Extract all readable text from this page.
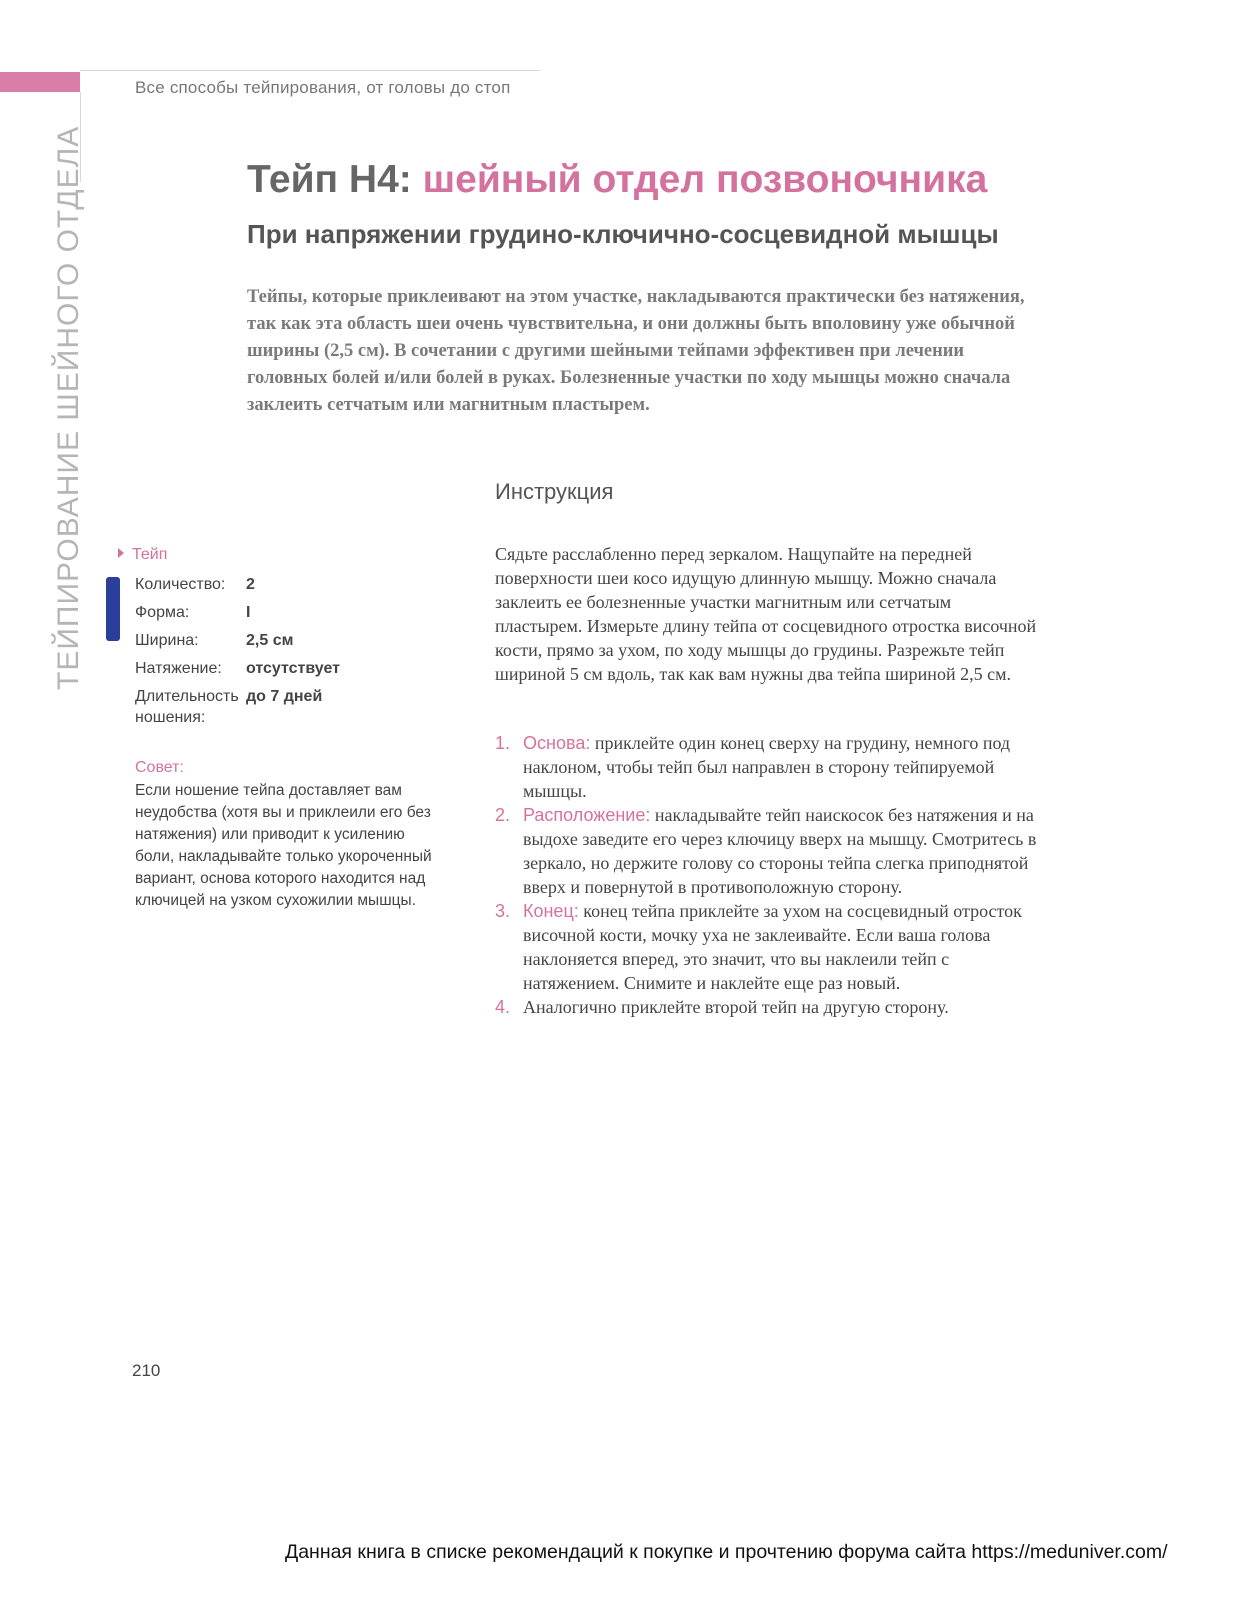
Все способы тейпирования, от головы до стоп
ТЕЙПИРОВАНИЕ ШЕЙНОГО ОТДЕЛА	Тейп H4: шейный отдел позвоночника
При напряжении грудино-ключично-сосцевидной мышцы

Тейпы, которые приклеивают на этом участке, накладываются практически без натяжения, так как эта область шеи очень чувствительна, и они должны быть вполовину уже обычной ширины (2,5 см). В сочетании с другими шейными тейпами эффективен при лечении головных болей и/или болей в руках. Болезненные участки по ходу мышцы можно сначала заклеить сетчатым или магнитным пластырем.

Инструкция

Сядьте расслабленно перед зеркалом. Нащупайте на передней поверхности шеи косо идущую длинную мышцу. Можно сначала заклеить ее болезненные участки магнитным или сетчатым пластырем. Измерьте длину тейпа от сосцевидного отростка височной кости, прямо за ухом, по ходу мышцы до грудины. Разрежьте тейп шириной 5 см вдоль, так как вам нужны два тейпа шириной 2,5 см.

1. Основа: приклейте один конец сверху на грудину, немного под наклоном, чтобы тейп был направлен в сторону тейпируемой мышцы.
2. Расположение: накладывайте тейп наискосок без натяжения и на выдохе заведите его через ключицу вверх на мышцу. Смотритесь в зеркало, но держите голову со стороны тейпа слегка приподнятой вверх и повернутой в противоположную сторону.
3. Конец: конец тейпа приклейте за ухом на сосцевидный отросток височной кости, мочку уха не заклеивайте. Если ваша голова наклоняется вперед, это значит, что вы наклеили тейп с натяжением. Снимите и наклейте еще раз новый.
4. Аналогично приклейте второй тейп на другую сторону.
Тейп
Количество:	2
Форма:	I
Ширина:	2,5 см
Натяжение:	отсутствует
Длительность ношения:	до 7 дней
Совет:

Если ношение тейпа доставляет вам неудобства (хотя вы и приклеили его без натяжения) или приводит к усилению боли, накладывайте только укороченный вариант, основа которого находится над ключицей на узком сухожилии мышцы.

210
Данная книга в списке рекомендаций к покупке и прочтению форума сайта https://meduniver.com/
